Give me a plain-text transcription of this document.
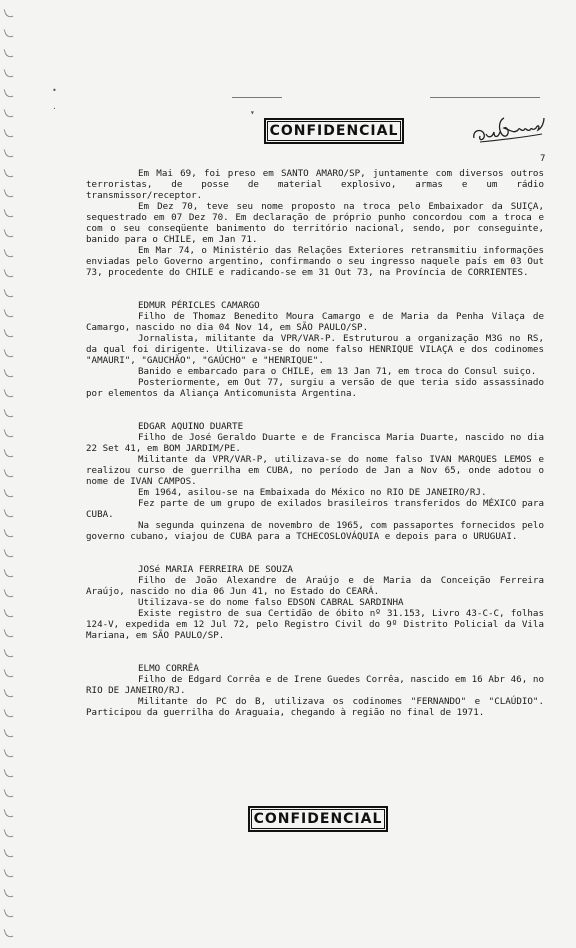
•

·	▾
CONFIDENCIAL
7

Em Mai 69, foi preso em SANTO AMARO/SP, juntamente com diversos outros terroristas, de posse de material explosivo, armas e um rádio transmissor/receptor.

Em Dez 70, teve seu nome proposto na troca pelo Embaixador da SUIÇA, sequestrado em 07 Dez 70. Em declaração de próprio punho concordou com a troca e com o seu conseqüente banimento do território nacional, sendo, por conseguinte, banido para o CHILE, em Jan 71.

Em Mar 74, o Ministério das Relações Exteriores retransmitiu informações enviadas pelo Governo argentino, confirmando o seu ingresso naquele país em 03 Out 73, procedente do CHILE e radicando-se em 31 Out 73, na Província de CORRIENTES.

EDMUR PÉRICLES CAMARGO

Filho de Thomaz Benedito Moura Camargo e de Maria da Penha Vilaça de Camargo, nascido no dia 04 Nov 14, em SÃO PAULO/SP.

Jornalista, militante da VPR/VAR-P. Estruturou a organização M3G no RS, da qual foi dirigente. Utilizava-se do nome falso HENRIQUE VILAÇA e dos codinomes "AMAURI", "GAUCHÃO", "GAÚCHO" e "HENRIQUE".

Banido e embarcado para o CHILE, em 13 Jan 71, em troca do Consul suiço.

Posteriormente, em Out 77, surgiu a versão de que teria sido assassinado por elementos da Aliança Anticomunista Argentina.

EDGAR AQUINO DUARTE

Filho de José Geraldo Duarte e de Francisca Maria Duarte, nascido no dia 22 Set 41, em BOM JARDIM/PE.

Militante da VPR/VAR-P, utilizava-se do nome falso IVAN MARQUES LEMOS e realizou curso de guerrilha em CUBA, no período de Jan a Nov 65, onde adotou o nome de IVAN CAMPOS.

Em 1964, asilou-se na Embaixada do México no RIO DE JANEIRO/RJ.

Fez parte de um grupo de exilados brasileiros transferidos do MÉXICO para CUBA.

Na segunda quinzena de novembro de 1965, com passaportes fornecidos pelo governo cubano, viajou de CUBA para a TCHECOSLOVÁQUIA e depois para o URUGUAI.

JOSé MARIA FERREIRA DE SOUZA

Filho de João Alexandre de Araújo e de Maria da Conceição Ferreira Araújo, nascido no dia 06 Jun 41, no Estado do CEARÁ.

Utilizava-se do nome falso EDSON CABRAL SARDINHA

Existe registro de sua Certidão de óbito nº 31.153, Livro 43-C-C, folhas 124-V, expedida em 12 Jul 72, pelo Registro Civil do 9º Distrito Policial da Vila Mariana, em SÃO PAULO/SP.

ELMO CORRÊA

Filho de Edgard Corrêa e de Irene Guedes Corrêa, nascido em 16 Abr 46, no RIO DE JANEIRO/RJ.

Militante do PC do B, utilizava os codinomes "FERNANDO" e "CLAÚDIO". Participou da guerrilha do Araguaia, chegando à região no final de 1971.

CONFIDENCIAL
